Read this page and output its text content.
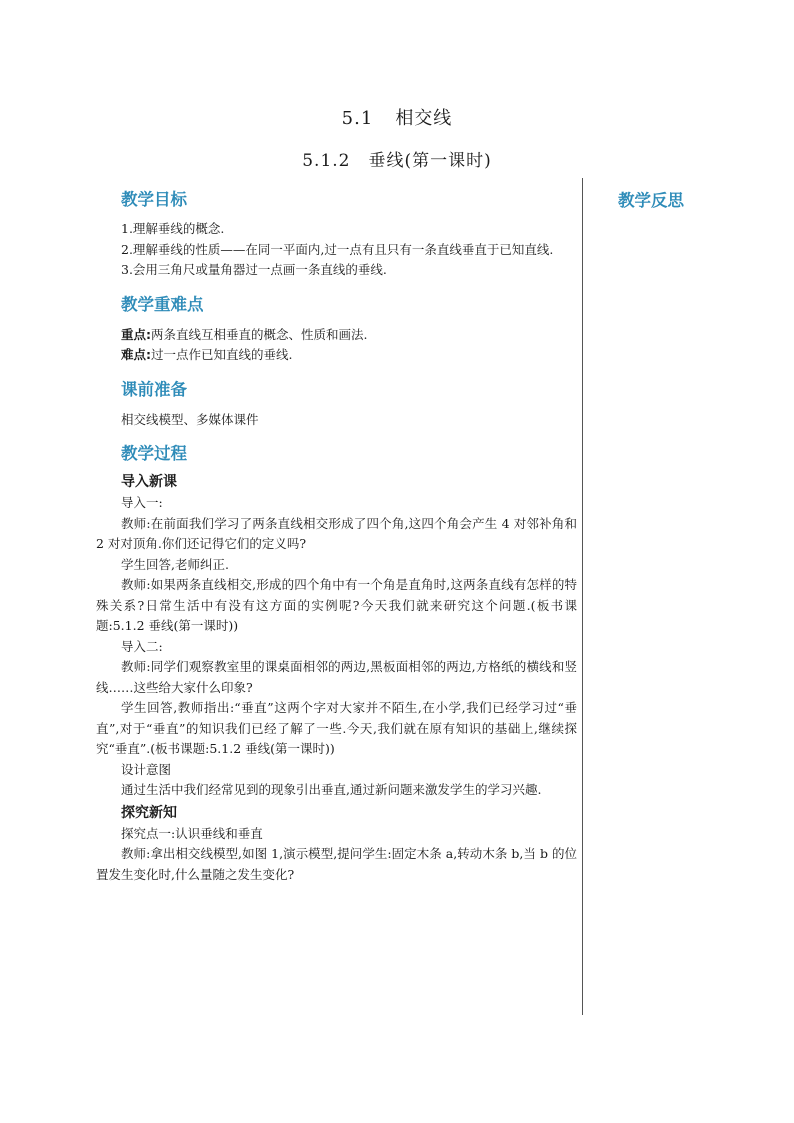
5.1 相交线
5.1.2 垂线(第一课时)
教学反思
教学目标
1.理解垂线的概念.
2.理解垂线的性质——在同一平面内,过一点有且只有一条直线垂直于已知直线.
3.会用三角尺或量角器过一点画一条直线的垂线.
教学重难点
重点:两条直线互相垂直的概念、性质和画法.
难点:过一点作已知直线的垂线.
课前准备
相交线模型、多媒体课件
教学过程
导入新课
导入一:
教师:在前面我们学习了两条直线相交形成了四个角,这四个角会产生 4 对邻补角和 2 对对顶角.你们还记得它们的定义吗?
学生回答,老师纠正.
教师:如果两条直线相交,形成的四个角中有一个角是直角时,这两条直线有怎样的特殊关系?日常生活中有没有这方面的实例呢?今天我们就来研究这个问题.(板书课题:5.1.2 垂线(第一课时))
导入二:
教师:同学们观察教室里的课桌面相邻的两边,黑板面相邻的两边,方格纸的横线和竖线……这些给大家什么印象?
学生回答,教师指出:“垂直”这两个字对大家并不陌生,在小学,我们已经学习过“垂直”,对于“垂直”的知识我们已经了解了一些.今天,我们就在原有知识的基础上,继续探究“垂直”.(板书课题:5.1.2 垂线(第一课时))
设计意图
通过生活中我们经常见到的现象引出垂直,通过新问题来激发学生的学习兴趣.
探究新知
探究点一:认识垂线和垂直
教师:拿出相交线模型,如图 1,演示模型,提问学生:固定木条 a,转动木条 b,当 b 的位置发生变化时,什么量随之发生变化?
